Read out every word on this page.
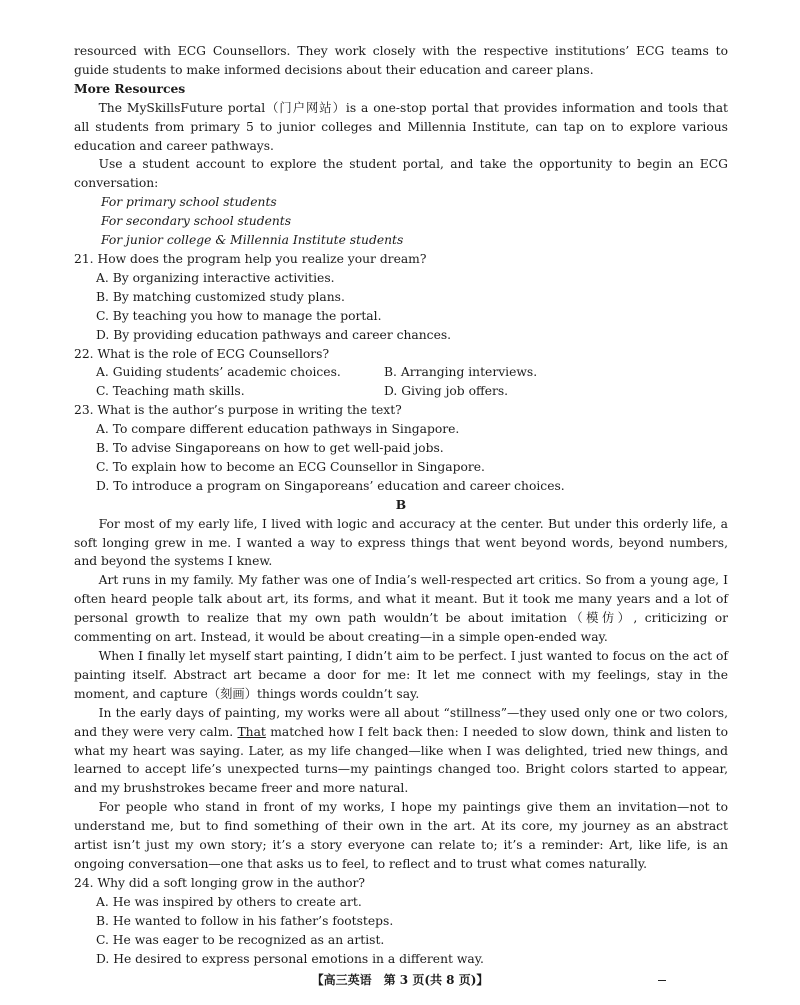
resourced with ECG Counsellors. They work closely with the respective institutions’ ECG teams to guide students to make informed decisions about their education and career plans.

More Resources

The MySkillsFuture portal（门户网站）is a one-stop portal that provides information and tools that all students from primary 5 to junior colleges and Millennia Institute, can tap on to explore various education and career pathways.

Use a student account to explore the student portal, and take the opportunity to begin an ECG conversation:

For primary school students

For secondary school students

For junior college & Millennia Institute students

21. How does the program help you realize your dream?

A. By organizing interactive activities.

B. By matching customized study plans.

C. By teaching you how to manage the portal.

D. By providing education pathways and career chances.

22. What is the role of ECG Counsellors?

A. Guiding students’ academic choices.	B. Arranging interviews.
C. Teaching math skills.	D. Giving job offers.

23. What is the author’s purpose in writing the text?

A. To compare different education pathways in Singapore.

B. To advise Singaporeans on how to get well-paid jobs.

C. To explain how to become an ECG Counsellor in Singapore.

D. To introduce a program on Singaporeans’ education and career choices.

B

For most of my early life, I lived with logic and accuracy at the center. But under this orderly life, a soft longing grew in me. I wanted a way to express things that went beyond words, beyond numbers, and beyond the systems I knew.

Art runs in my family. My father was one of India’s well-respected art critics. So from a young age, I often heard people talk about art, its forms, and what it meant. But it took me many years and a lot of personal growth to realize that my own path wouldn’t be about imitation（模仿）, criticizing or commenting on art. Instead, it would be about creating—in a simple open-ended way.

When I finally let myself start painting, I didn’t aim to be perfect. I just wanted to focus on the act of painting itself. Abstract art became a door for me: It let me connect with my feelings, stay in the moment, and capture（刻画）things words couldn’t say.

In the early days of painting, my works were all about “stillness”—they used only one or two colors, and they were very calm. That matched how I felt back then: I needed to slow down, think and listen to what my heart was saying. Later, as my life changed—like when I was delighted, tried new things, and learned to accept life’s unexpected turns—my paintings changed too. Bright colors started to appear, and my brushstrokes became freer and more natural.

For people who stand in front of my works, I hope my paintings give them an invitation—not to understand me, but to find something of their own in the art. At its core, my journey as an abstract artist isn’t just my own story; it’s a story everyone can relate to; it’s a reminder: Art, like life, is an ongoing conversation—one that asks us to feel, to reflect and to trust what comes naturally.

24. Why did a soft longing grow in the author?

A. He was inspired by others to create art.

B. He wanted to follow in his father’s footsteps.

C. He was eager to be recognized as an artist.

D. He desired to express personal emotions in a different way.

【高三英语　第 3 页(共 8 页)】
